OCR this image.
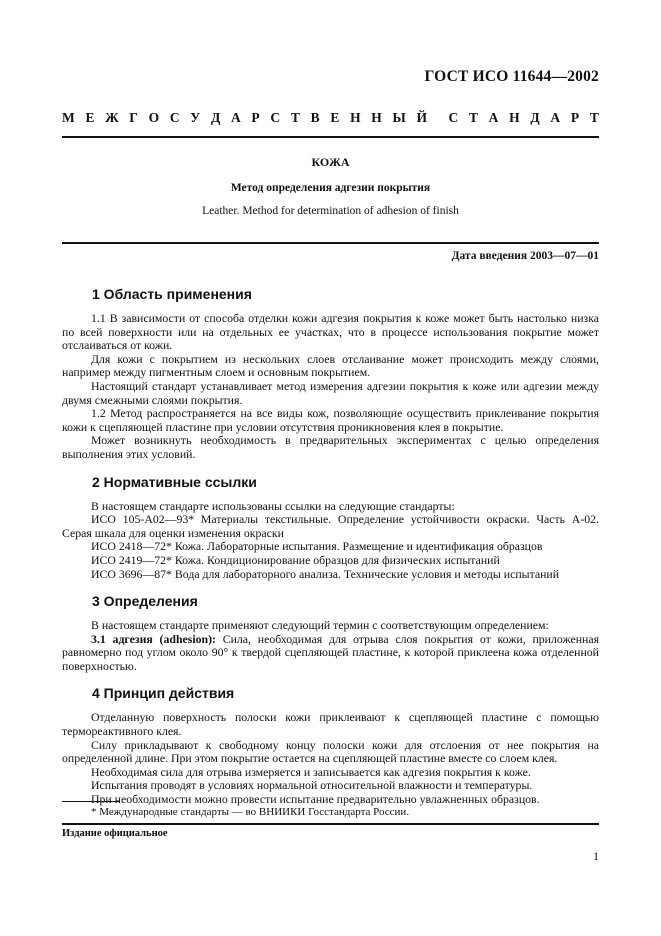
ГОСТ ИСО 11644—2002
М Е Ж Г О С У Д А Р С Т В Е Н Н Ы Й С Т А Н Д А Р Т
КОЖА
Метод определения адгезии покрытия
Leather. Method for determination of adhesion of finish
Дата введения 2003—07—01
1 Область применения

1.1 В зависимости от способа отделки кожи адгезия покрытия к коже может быть настолько низка по всей поверхности или на отдельных ее участках, что в процессе использования покрытие может отслаиваться от кожи.

Для кожи с покрытием из нескольких слоев отслаивание может происходить между слоями, например между пигментным слоем и основным покрытием.

Настоящий стандарт устанавливает метод измерения адгезии покрытия к коже или адгезии между двумя смежными слоями покрытия.

1.2 Метод распространяется на все виды кож, позволяющие осуществить приклеивание покрытия кожи к сцепляющей пластине при условии отсутствия проникновения клея в покрытие.

Может возникнуть необходимость в предварительных экспериментах с целью определения выполнения этих условий.

2 Нормативные ссылки

В настоящем стандарте использованы ссылки на следующие стандарты:

ИСО 105-А02—93* Материалы текстильные. Определение устойчивости окраски. Часть А-02. Серая шкала для оценки изменения окраски

ИСО 2418—72* Кожа. Лабораторные испытания. Размещение и идентификация образцов

ИСО 2419—72* Кожа. Кондиционирование образцов для физических испытаний

ИСО 3696—87* Вода для лабораторного анализа. Технические условия и методы испытаний

3 Определения

В настоящем стандарте применяют следующий термин с соответствующим определением:

3.1 адгезия (adhesion): Сила, необходимая для отрыва слоя покрытия от кожи, приложенная равномерно под углом около 90° к твердой сцепляющей пластине, к которой приклеена кожа отделенной поверхностью.

4 Принцип действия

Отделанную поверхность полоски кожи приклеивают к сцепляющей пластине с помощью термореактивного клея.

Силу прикладывают к свободному концу полоски кожи для отслоения от нее покрытия на определенной длине. При этом покрытие остается на сцепляющей пластине вместе со слоем клея.

Необходимая сила для отрыва измеряется и записывается как адгезия покрытия к коже.

Испытания проводят в условиях нормальной относительной влажности и температуры.

При необходимости можно провести испытание предварительно увлажненных образцов.

* Международные стандарты — во ВНИИКИ Госстандарта России.
Издание официальное
1
